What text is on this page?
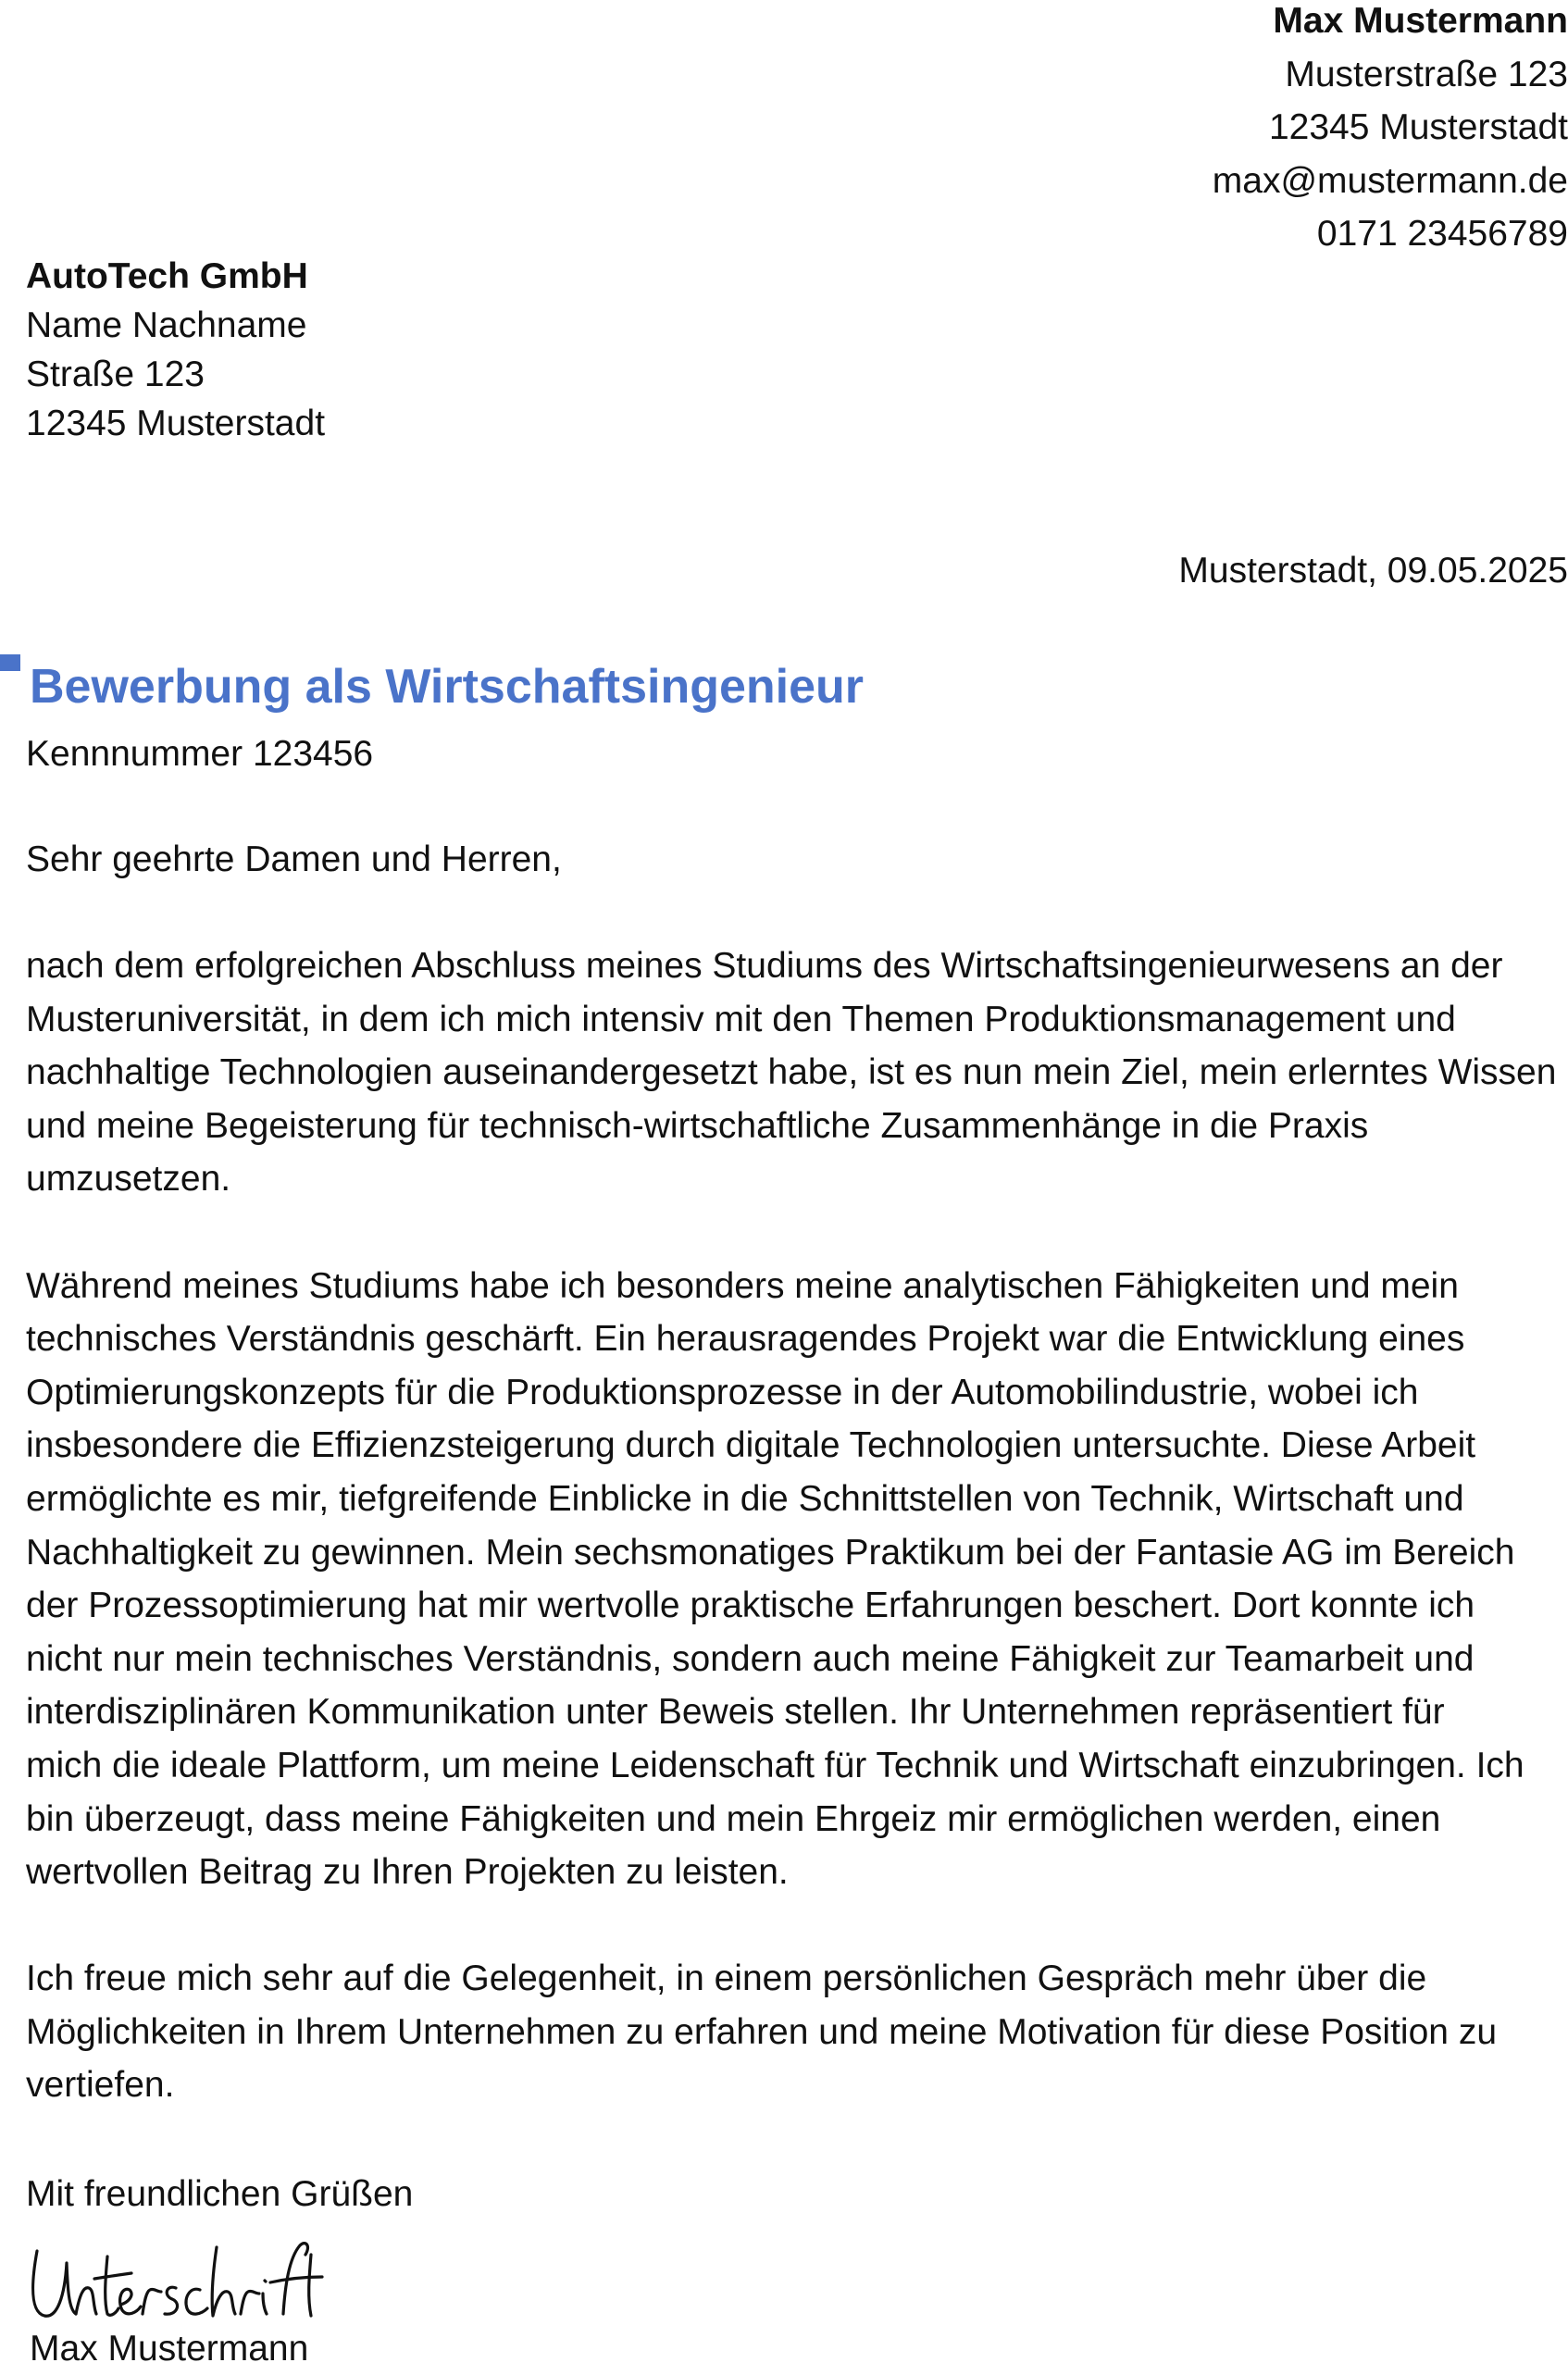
Max Mustermann
Musterstraße 123
12345 Musterstadt
max@mustermann.de
0171 23456789
AutoTech GmbH
Name Nachname
Straße 123
12345 Musterstadt
Musterstadt, 09.05.2025
Bewerbung als Wirtschaftsingenieur
Kennnummer 123456
Sehr geehrte Damen und Herren,

nach dem erfolgreichen Abschluss meines Studiums des Wirtschaftsingenieurwesens an der

Musteruniversität, in dem ich mich intensiv mit den Themen Produktionsmanagement und

nachhaltige Technologien auseinandergesetzt habe, ist es nun mein Ziel, mein erlerntes Wissen

und meine Begeisterung für technisch-wirtschaftliche Zusammenhänge in die Praxis

umzusetzen.

Während meines Studiums habe ich besonders meine analytischen Fähigkeiten und mein

technisches Verständnis geschärft. Ein herausragendes Projekt war die Entwicklung eines

Optimierungskonzepts für die Produktionsprozesse in der Automobilindustrie, wobei ich

insbesondere die Effizienzsteigerung durch digitale Technologien untersuchte. Diese Arbeit

ermöglichte es mir, tiefgreifende Einblicke in die Schnittstellen von Technik, Wirtschaft und

Nachhaltigkeit zu gewinnen. Mein sechsmonatiges Praktikum bei der Fantasie AG im Bereich

der Prozessoptimierung hat mir wertvolle praktische Erfahrungen beschert. Dort konnte ich

nicht nur mein technisches Verständnis, sondern auch meine Fähigkeit zur Teamarbeit und

interdisziplinären Kommunikation unter Beweis stellen. Ihr Unternehmen repräsentiert für

mich die ideale Plattform, um meine Leidenschaft für Technik und Wirtschaft einzubringen. Ich

bin überzeugt, dass meine Fähigkeiten und mein Ehrgeiz mir ermöglichen werden, einen

wertvollen Beitrag zu Ihren Projekten zu leisten.

Ich freue mich sehr auf die Gelegenheit, in einem persönlichen Gespräch mehr über die

Möglichkeiten in Ihrem Unternehmen zu erfahren und meine Motivation für diese Position zu

vertiefen.

Mit freundlichen Grüßen
Max Mustermann
